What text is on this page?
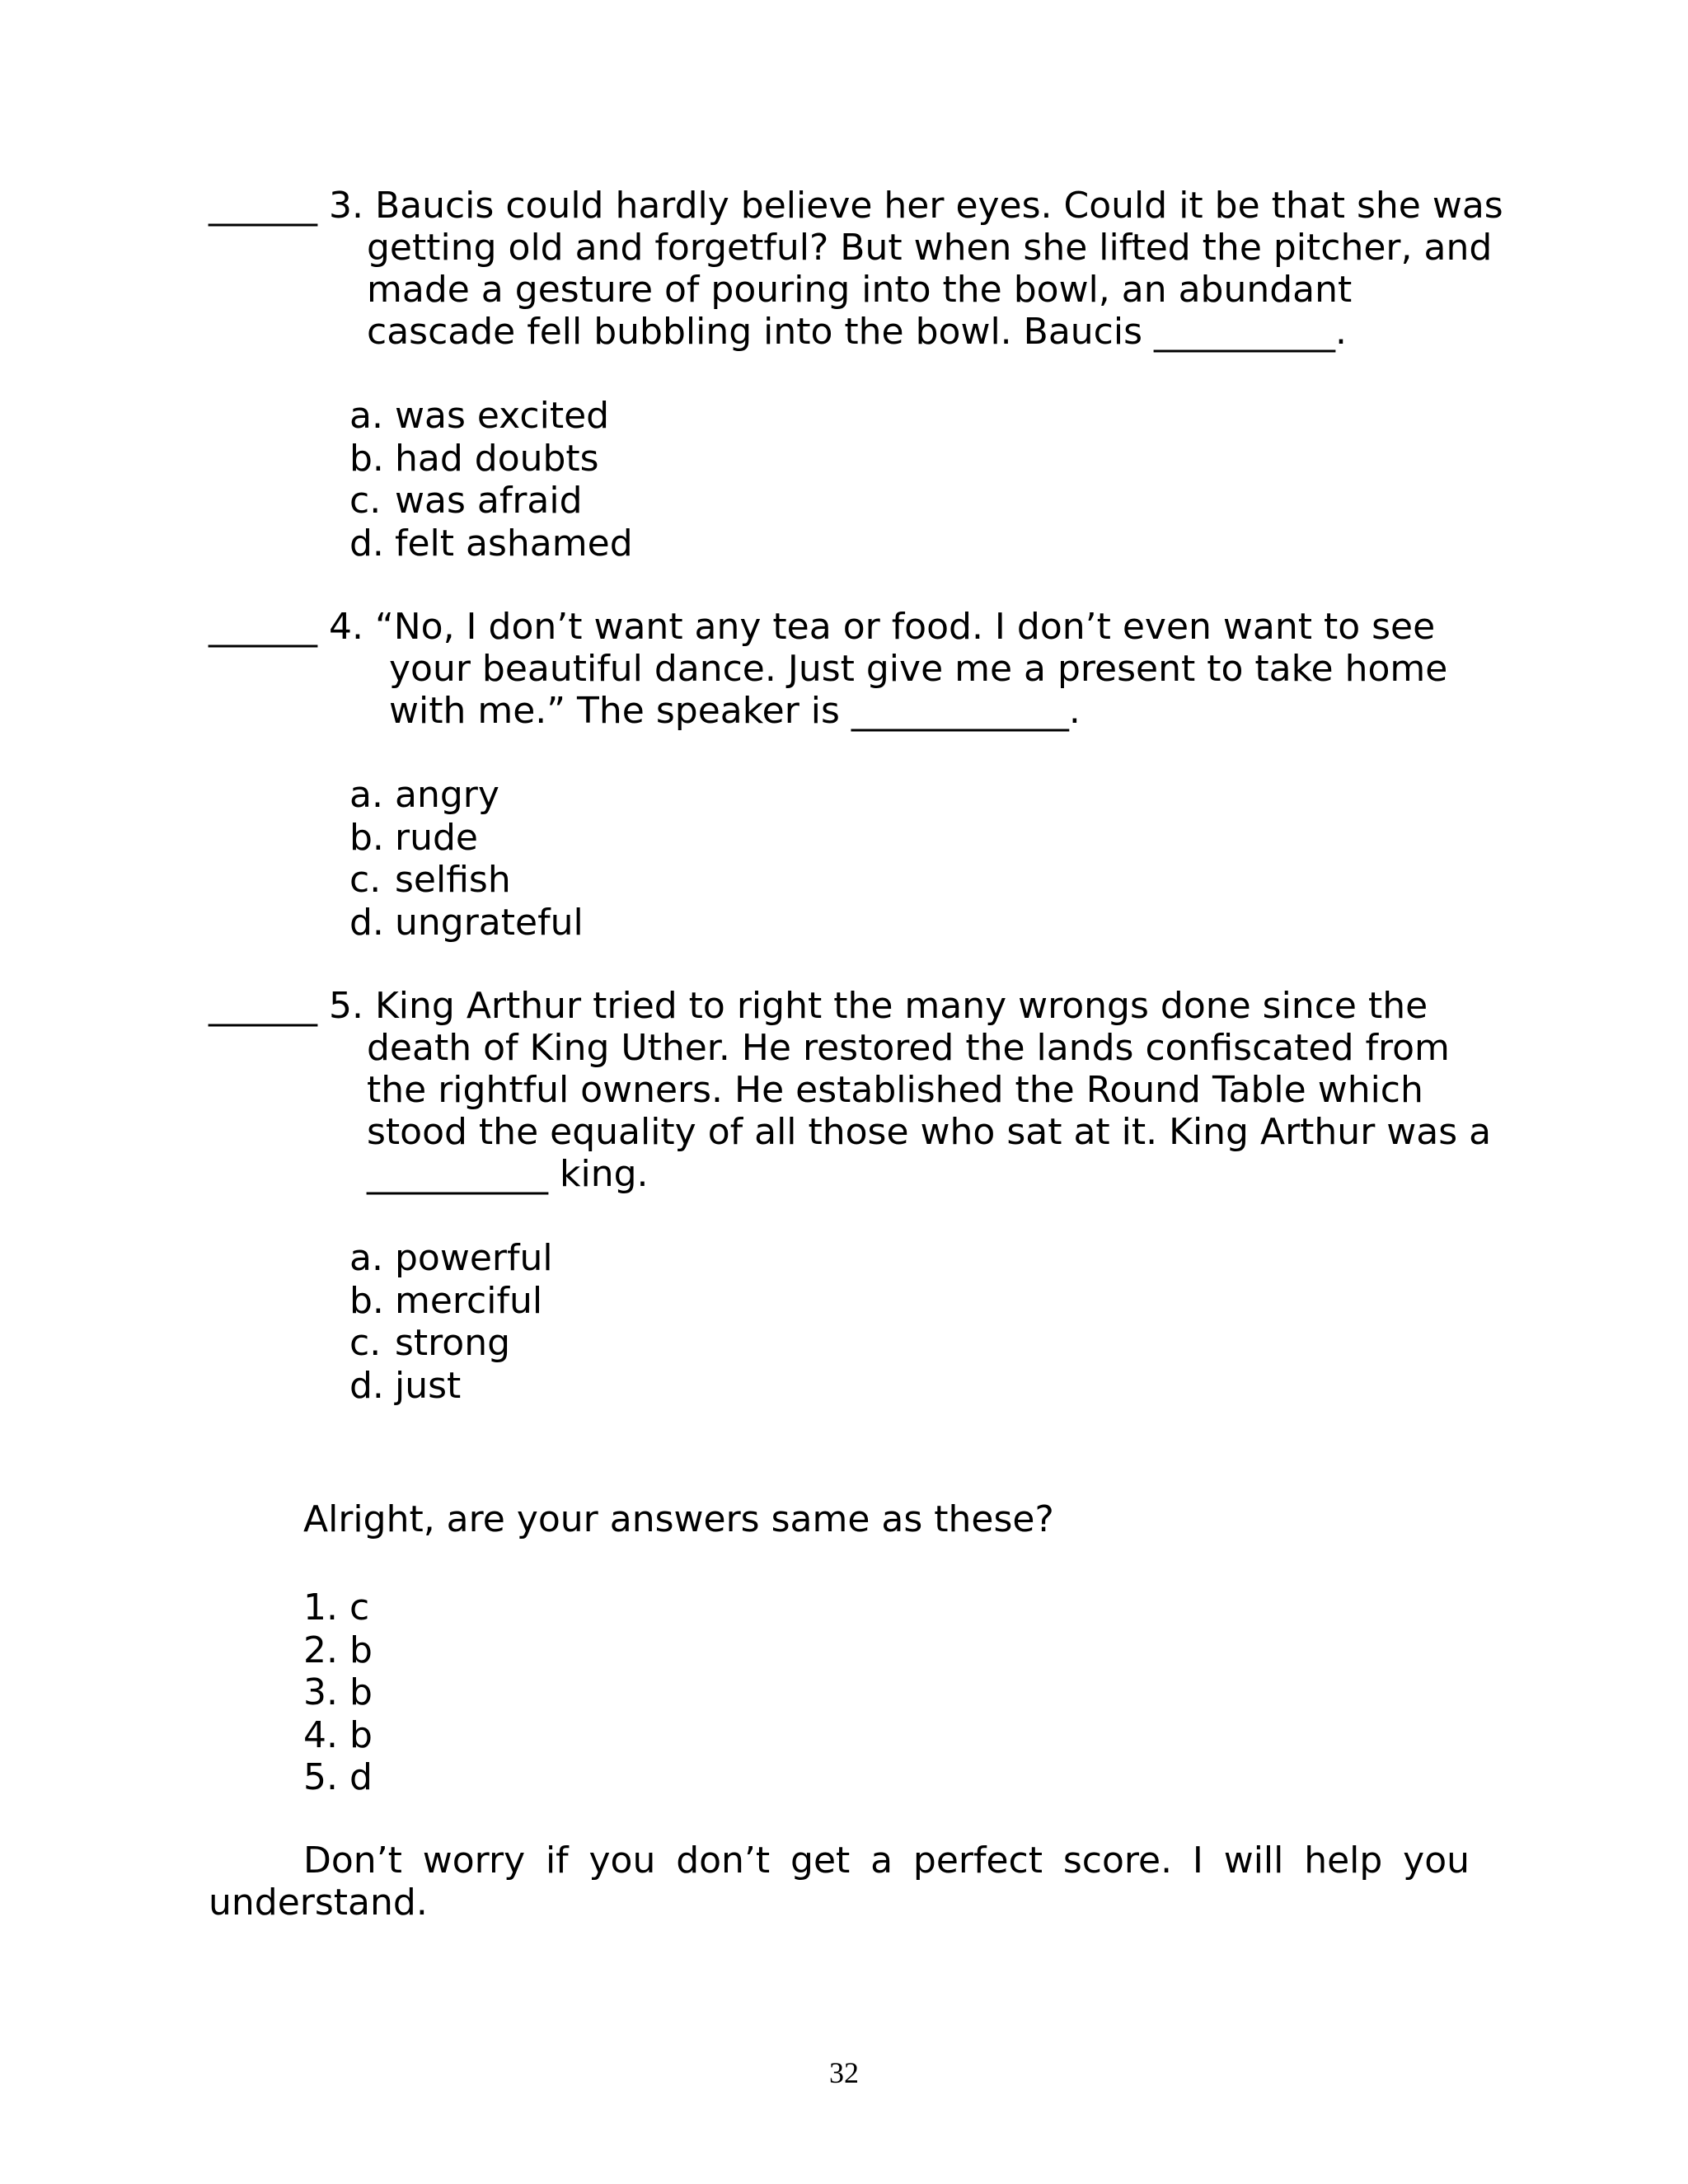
______ 3. Baucis could hardly believe her eyes. Could it be that she was
getting old and forgetful? But when she lifted the pitcher, and
made a gesture of pouring into the bowl, an abundant
cascade fell bubbling into the bowl. Baucis __________.
a. was excited
b. had doubts
c. was afraid
d. felt ashamed
______ 4. “No, I don’t want any tea or food. I don’t even want to see
your beautiful dance. Just give me a present to take home
with me.” The speaker is ____________.
a. angry
b. rude
c. selfish
d. ungrateful
______ 5. King Arthur tried to right the many wrongs done since the
death of King Uther. He restored the lands confiscated from
the rightful owners. He established the Round Table which
stood the equality of all those who sat at it. King Arthur was a
__________ king.
a. powerful
b. merciful
c. strong
d. just
Alright, are your answers same as these?
1. c
2. b
3. b
4. b
5. d
Don’t worry if you don’t get a perfect score. I will help you
understand.
32
